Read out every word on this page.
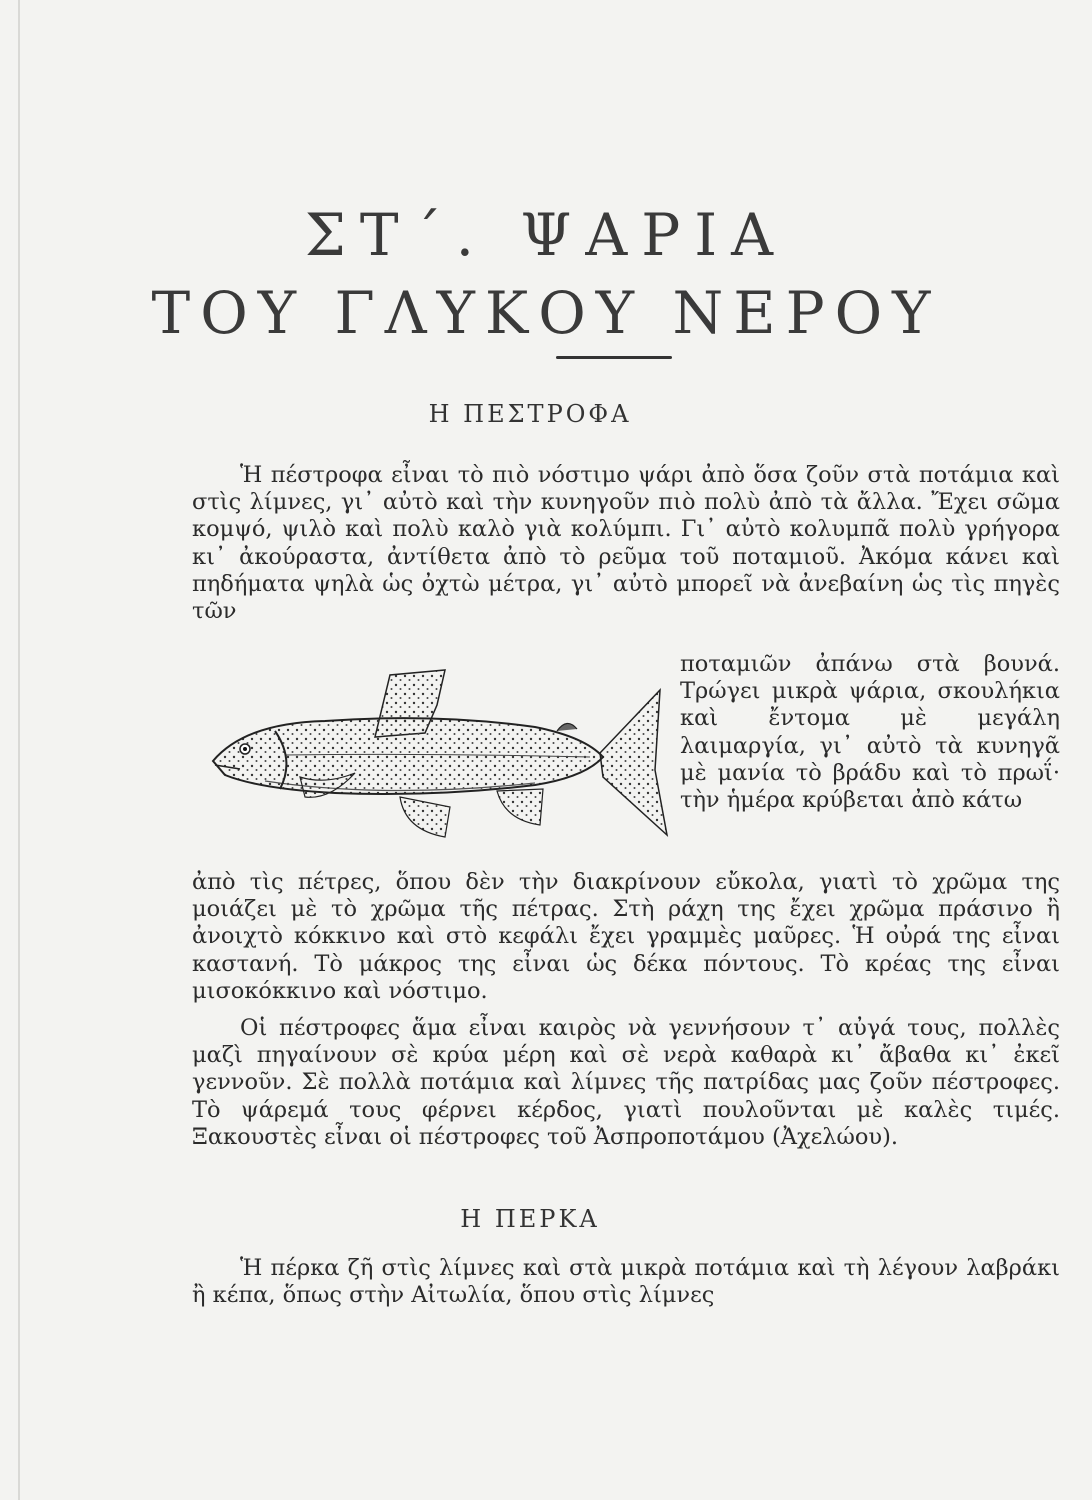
ΣΤ΄. ΨΑΡΙΑ
ΤΟΥ ΓΛΥΚΟΥ ΝΕΡΟΥ
Η ΠΕΣΤΡΟΦΑ

Ἡ πέστροφα εἶναι τὸ πιὸ νόστιμο ψάρι ἀπὸ ὅσα ζοῦν στὰ ποτάμια καὶ στὶς λίμνες, γι᾿ αὐτὸ καὶ τὴν κυνηγοῦν πιὸ πολὺ ἀπὸ τὰ ἄλλα. Ἔχει σῶμα κομψό, ψιλὸ καὶ πολὺ καλὸ γιὰ κολύμπι. Γι᾿ αὐτὸ κολυμπᾶ πολὺ γρήγορα κι᾿ ἀκούραστα, ἀντίθετα ἀπὸ τὸ ρεῦμα τοῦ ποταμιοῦ. Ἀκόμα κάνει καὶ πηδήματα ψηλὰ ὡς ὀχτὼ μέτρα, γι᾿ αὐτὸ μπορεῖ νὰ ἀνεβαίνη ὡς τὶς πηγὲς τῶν

ποταμιῶν ἀπάνω στὰ βουνά. Τρώγει μικρὰ ψάρια, σκουλήκια καὶ ἔντομα μὲ μεγάλη λαιμαργία, γι᾿ αὐτὸ τὰ κυνηγᾶ μὲ μανία τὸ βράδυ καὶ τὸ πρωΐ· τὴν ἡμέρα κρύβεται ἀπὸ κάτω

ἀπὸ τὶς πέτρες, ὅπου δὲν τὴν διακρίνουν εὔκολα, γιατὶ τὸ χρῶμα της μοιάζει μὲ τὸ χρῶμα τῆς πέτρας. Στὴ ράχη της ἔχει χρῶμα πράσινο ἢ ἀνοιχτὸ κόκκινο καὶ στὸ κεφάλι ἔχει γραμμὲς μαῦρες. Ἡ οὐρά της εἶναι καστανή. Τὸ μάκρος της εἶναι ὡς δέκα πόντους. Τὸ κρέας της εἶναι μισοκόκκινο καὶ νόστιμο.

Οἱ πέστροφες ἅμα εἶναι καιρὸς νὰ γεννήσουν τ᾿ αὐγά τους, πολλὲς μαζὶ πηγαίνουν σὲ κρύα μέρη καὶ σὲ νερὰ καθαρὰ κι᾿ ἄβαθα κι᾿ ἐκεῖ γεννοῦν. Σὲ πολλὰ ποτάμια καὶ λίμνες τῆς πατρίδας μας ζοῦν πέστροφες. Τὸ ψάρεμά τους φέρνει κέρδος, γιατὶ πουλοῦνται μὲ καλὲς τιμές. Ξακουστὲς εἶναι οἱ πέστροφες τοῦ Ἀσπροποτάμου (Ἀχελώου).

Η ΠΕΡΚΑ

Ἡ πέρκα ζῆ στὶς λίμνες καὶ στὰ μικρὰ ποτάμια καὶ τὴ λέγουν λαβράκι ἢ κέπα, ὅπως στὴν Αἰτωλία, ὅπου στὶς λίμνες
